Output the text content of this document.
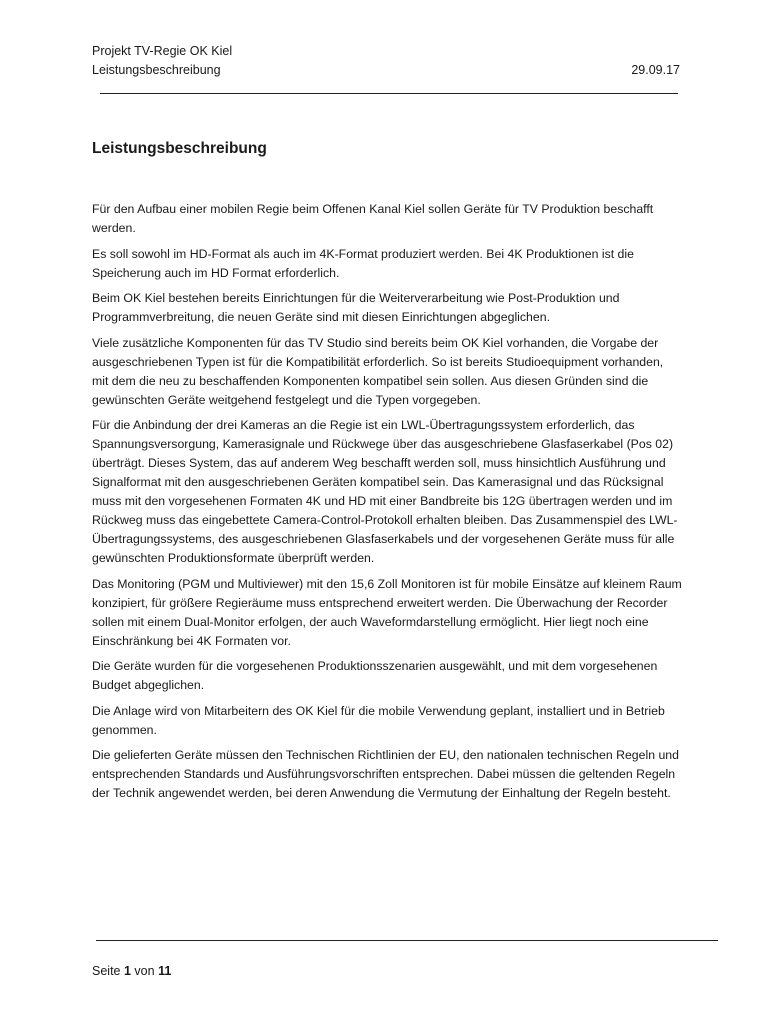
Projekt TV-Regie OK Kiel
Leistungsbeschreibung	29.09.17
Leistungsbeschreibung

Für den Aufbau einer mobilen Regie beim Offenen Kanal Kiel sollen Geräte für TV Produktion beschafft werden.

Es soll sowohl im HD-Format als auch im 4K-Format produziert werden. Bei 4K Produktionen ist die Speicherung auch im HD Format erforderlich.

Beim OK Kiel bestehen bereits Einrichtungen für die Weiterverarbeitung wie Post-Produktion und Programmverbreitung, die neuen Geräte sind mit diesen Einrichtungen abgeglichen.

Viele zusätzliche Komponenten für das TV Studio sind bereits beim OK Kiel vorhanden, die Vorgabe der ausgeschriebenen Typen ist für die Kompatibilität erforderlich. So ist bereits Studioequipment vorhanden, mit dem die neu zu beschaffenden Komponenten kompatibel sein sollen. Aus diesen Gründen sind die gewünschten Geräte weitgehend festgelegt und die Typen vorgegeben.

Für die Anbindung der drei Kameras an die Regie ist ein LWL-Übertragungssystem erforderlich, das Spannungsversorgung, Kamerasignale und Rückwege über das ausgeschriebene Glasfaserkabel (Pos 02) überträgt. Dieses System, das auf anderem Weg beschafft werden soll, muss hinsichtlich Ausführung und Signalformat mit den ausgeschriebenen Geräten kompatibel sein. Das Kamerasignal und das Rücksignal muss mit den vorgesehenen Formaten 4K und HD mit einer Bandbreite bis 12G übertragen werden und im Rückweg muss das eingebettete Camera-Control-Protokoll erhalten bleiben. Das Zusammenspiel des LWL-Übertragungssystems, des ausgeschriebenen Glasfaserkabels und der vorgesehenen Geräte muss für alle gewünschten Produktionsformate überprüft werden.

Das Monitoring (PGM und Multiviewer) mit den 15,6 Zoll Monitoren ist für mobile Einsätze auf kleinem Raum konzipiert, für größere Regieräume muss entsprechend erweitert werden. Die Überwachung der Recorder sollen mit einem Dual-Monitor erfolgen, der auch Waveformdarstellung ermöglicht. Hier liegt noch eine Einschränkung bei 4K Formaten vor.

Die Geräte wurden für die vorgesehenen Produktionsszenarien ausgewählt, und mit dem vorgesehenen Budget abgeglichen.

Die Anlage wird von Mitarbeitern des OK Kiel für die mobile Verwendung geplant, installiert und in Betrieb genommen.

Die gelieferten Geräte müssen den Technischen Richtlinien der EU, den nationalen technischen Regeln und entsprechenden Standards und Ausführungsvorschriften entsprechen. Dabei müssen die geltenden Regeln der Technik angewendet werden, bei deren Anwendung die Vermutung der Einhaltung der Regeln besteht.

Seite 1 von 11
